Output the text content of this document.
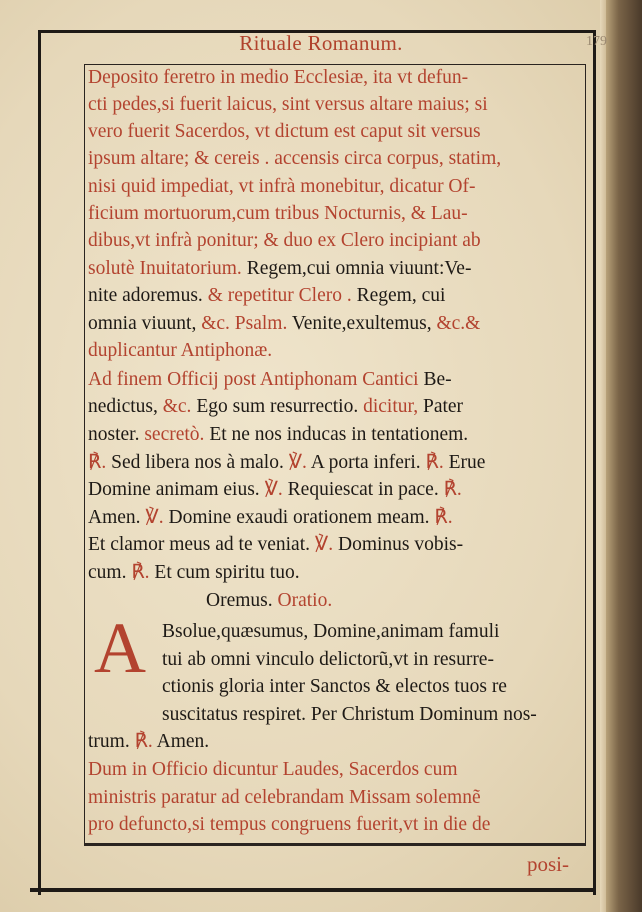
Rituale Romanum.	179
Deposito feretro in medio Ecclesiæ, ita vt defun-
cti pedes,si fuerit laicus, sint versus altare maius; si
vero fuerit Sacerdos, vt dictum est caput sit versus
ipsum altare; & cereis . accensis circa corpus, statim,
nisi quid impediat, vt infrà monebitur, dicatur Of-
ficium mortuorum,cum tribus Nocturnis, & Lau-
dibus,vt infrà ponitur; & duo ex Clero incipiant ab
solutè Inuitatorium. Regem,cui omnia viuunt:Ve-
nite adoremus. & repetitur Clero . Regem, cui
omnia viuunt, &c. Psalm. Venite,exultemus, &c.&
duplicantur Antiphonæ.
Ad finem Officij post Antiphonam Cantici Be-
nedictus, &c. Ego sum resurrectio. dicitur, Pater
noster. secretò. Et ne nos inducas in tentationem.
℟. Sed libera nos à malo. ℣. A porta inferi. ℟. Erue
Domine animam eius. ℣. Requiescat in pace. ℟.
Amen. ℣. Domine exaudi orationem meam. ℟.
Et clamor meus ad te veniat. ℣. Dominus vobis-
cum. ℟. Et cum spiritu tuo.
Oremus. Oratio.
Bsolue,quæsumus, Domine,animam famuli
tui ab omni vinculo delictorũ,vt in resurre-
ctionis gloria inter Sanctos & electos tuos re
suscitatus respiret. Per Christum Dominum nos-
trum. ℟. Amen.
Dum in Officio dicuntur Laudes, Sacerdos cum
ministris paratur ad celebrandam Missam solemnẽ
pro defuncto,si tempus congruens fuerit,vt in die de
A
posi-
